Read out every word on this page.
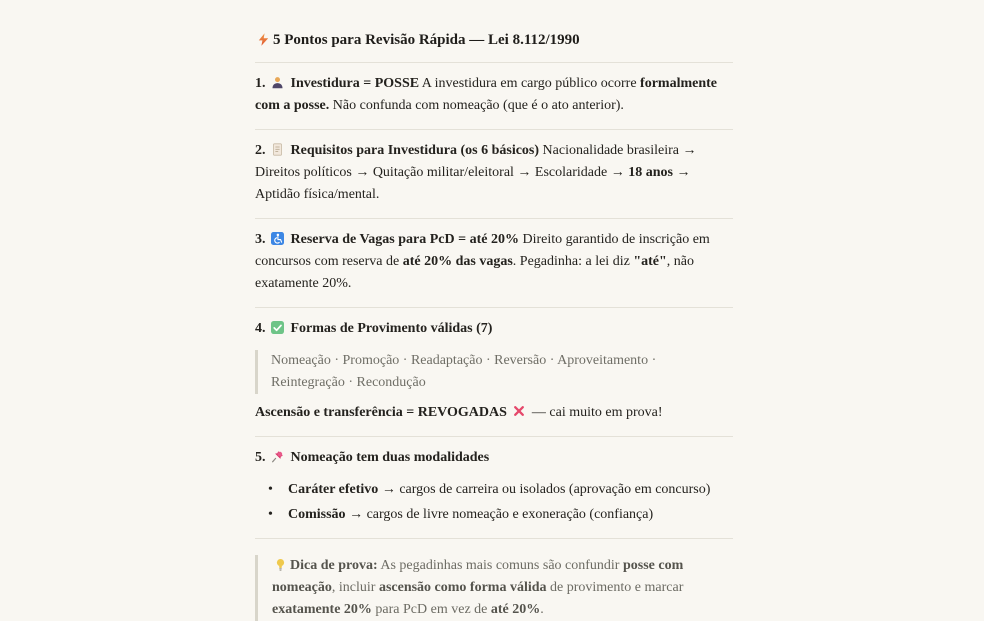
5 Pontos para Revisão Rápida — Lei 8.112/1990

1. Investidura = POSSE A investidura em cargo público ocorre formalmente com a posse. Não confunda com nomeação (que é o ato anterior).

2. Requisitos para Investidura (os 6 básicos) Nacionalidade brasileira → Direitos políticos → Quitação militar/eleitoral → Escolaridade → 18 anos → Aptidão física/mental.

3. Reserva de Vagas para PcD = até 20% Direito garantido de inscrição em concursos com reserva de até 20% das vagas. Pegadinha: a lei diz "até", não exatamente 20%.

4. Formas de Provimento válidas (7)

Nomeação · Promoção · Readaptação · Reversão · Aproveitamento · Reintegração · Recondução

Ascensão e transferência = REVOGADAS — cai muito em prova!

5. Nomeação tem duas modalidades

• Caráter efetivo → cargos de carreira ou isolados (aprovação em concurso)
• Comissão → cargos de livre nomeação e exoneração (confiança)
Dica de prova: As pegadinhas mais comuns são confundir posse com nomeação, incluir ascensão como forma válida de provimento e marcar exatamente 20% para PcD em vez de até 20%.
